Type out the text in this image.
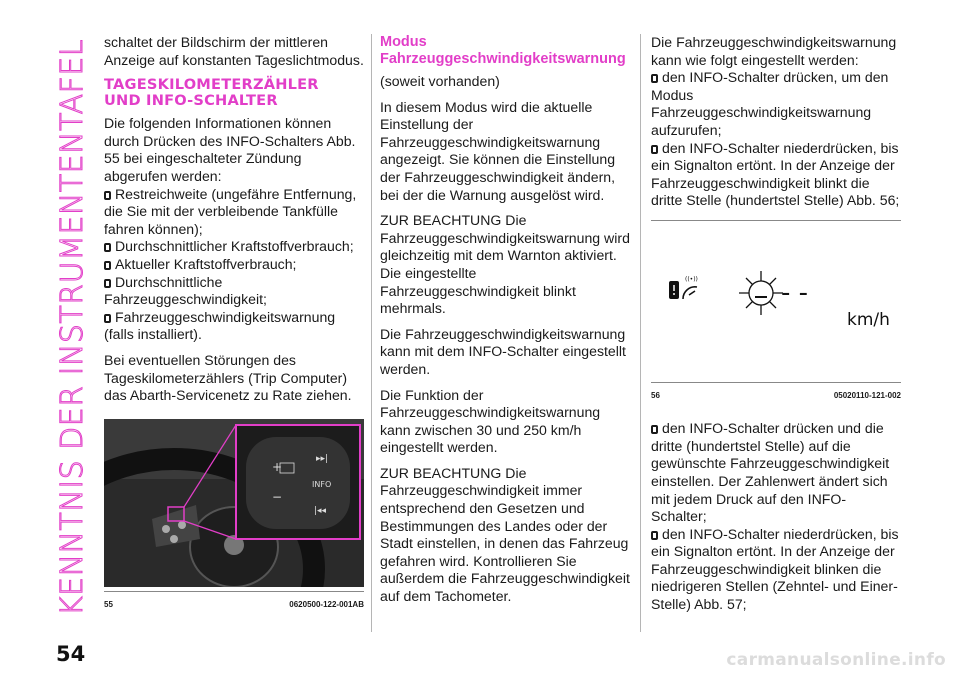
KENNTNIS DER INSTRUMENTENTAFEL schaltet der Bildschirm der mittleren Anzeige auf konstanten Tageslichtmodus.

TAGESKILOMETERZÄHLER
UND INFO-SCHALTER

Die folgenden Informationen können durch Drücken des INFO-Schalters Abb. 55 bei eingeschalteter Zündung abgerufen werden:

Restreichweite (ungefähre Entfernung, die Sie mit der verbleibende Tankfülle fahren können);
Durchschnittlicher Kraftstoffverbrauch;
Aktueller Kraftstoffverbrauch;
Durchschnittliche Fahrzeuggeschwindigkeit;
Fahrzeuggeschwindigkeitswarnung (falls installiert).

Bei eventuellen Störungen des Tageskilometerzählers (Trip Computer) das Abarth-Servicenetz zu Rate ziehen.

▸▸|
+
INFO
−
|◂◂
55	0620500-122-001AB
Modus Fahrzeuggeschwindigkeitswarnung

(soweit vorhanden)

In diesem Modus wird die aktuelle Einstellung der Fahrzeuggeschwindigkeitswarnung angezeigt. Sie können die Einstellung der Fahrzeuggeschwindigkeit ändern, bei der die Warnung ausgelöst wird.

ZUR BEACHTUNG Die Fahrzeuggeschwindigkeitswarnung wird gleichzeitig mit dem Warnton aktiviert. Die eingestellte Fahrzeuggeschwindigkeit blinkt mehrmals.

Die Fahrzeuggeschwindigkeitswarnung kann mit dem INFO-Schalter eingestellt werden.

Die Funktion der Fahrzeuggeschwindigkeitswarnung kann zwischen 30 und 250 km/h eingestellt werden.

ZUR BEACHTUNG Die Fahrzeuggeschwindigkeit immer entsprechend den Gesetzen und Bestimmungen des Landes oder der Stadt einstellen, in denen das Fahrzeug gefahren wird. Kontrollieren Sie außerdem die Fahrzeuggeschwindigkeit auf dem Tachometer.

Die Fahrzeuggeschwindigkeitswarnung kann wie folgt eingestellt werden:

den INFO-Schalter drücken, um den Modus Fahrzeuggeschwindigkeitswarnung aufzurufen;
den INFO-Schalter niederdrücken, bis ein Signalton ertönt. In der Anzeige der Fahrzeuggeschwindigkeit blinkt die dritte Stelle (hundertstel Stelle) Abb. 56;
((•))	- -
km/h
56	05020110-121-002
den INFO-Schalter drücken und die dritte (hundertstel Stelle) auf die gewünschte Fahrzeuggeschwindigkeit einstellen. Der Zahlenwert ändert sich mit jedem Druck auf den INFO-Schalter;
den INFO-Schalter niederdrücken, bis ein Signalton ertönt. In der Anzeige der Fahrzeuggeschwindigkeit blinken die niedrigeren Stellen (Zehntel- und Einer-Stelle) Abb. 57;
54	carmanualsonline.info
